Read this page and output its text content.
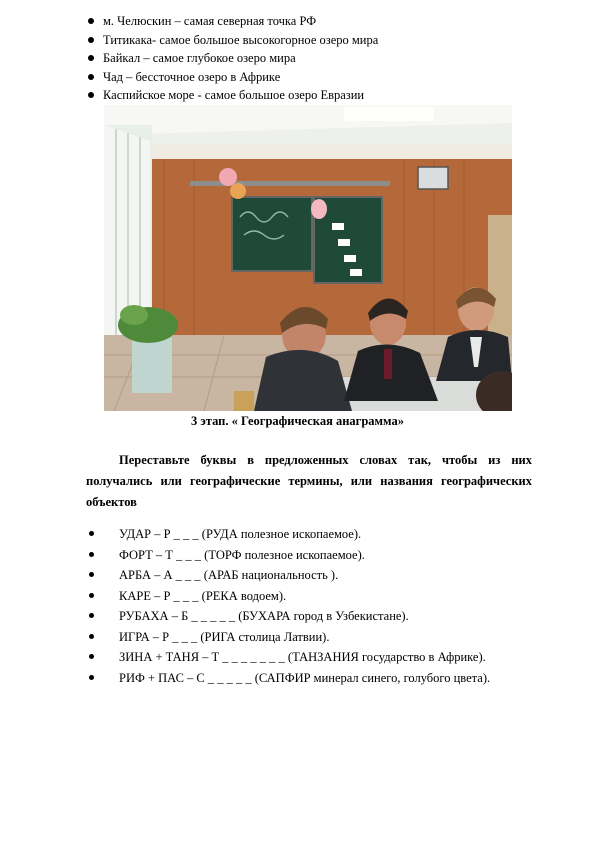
м. Челюскин – самая северная точка РФ
Титикака- самое большое высокогорное озеро мира
Байкал – самое глубокое озеро мира
Чад – бессточное озеро в Африке
Каспийское море - самое большое озеро Евразии
3 этап. « Географическая анаграмма»

Переставьте буквы в предложенных словах так, чтобы из них получались или географические термины, или названия географических объектов

УДАР – Р _ _ _ (РУДА полезное ископаемое).
ФОРТ – Т _ _ _ (ТОРФ полезное ископаемое).
АРБА – А _ _ _ (АРАБ национальность ).
КАРЕ – Р _ _ _ (РЕКА водоем).
РУБАХА – Б _ _ _ _ _ (БУХАРА город в Узбекистане).
ИГРА – Р _ _ _ (РИГА столица Латвии).
ЗИНА + ТАНЯ – Т _ _ _ _ _ _ _ (ТАНЗАНИЯ государство в Африке).
РИФ + ПАС – С _ _ _ _ _ (САПФИР минерал синего, голубого цвета).
